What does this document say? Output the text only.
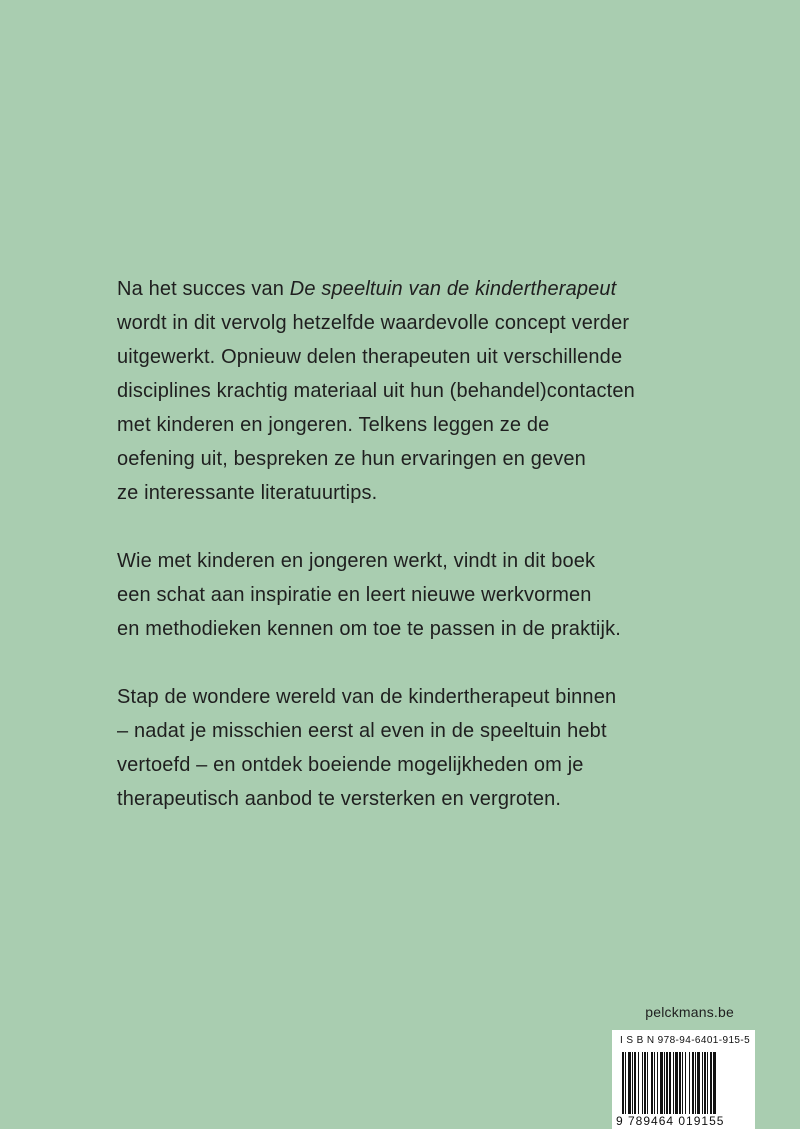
Na het succes van De speeltuin van de kindertherapeut
wordt in dit vervolg hetzelfde waardevolle concept verder
uitgewerkt. Opnieuw delen therapeuten uit verschillende
disciplines krachtig materiaal uit hun (behandel)contacten
met kinderen en jongeren. Telkens leggen ze de
oefening uit, bespreken ze hun ervaringen en geven
ze interessante literatuurtips.

Wie met kinderen en jongeren werkt, vindt in dit boek
een schat aan inspiratie en leert nieuwe werkvormen
en methodieken kennen om toe te passen in de praktijk.

Stap de wondere wereld van de kindertherapeut binnen
– nadat je misschien eerst al even in de speeltuin hebt
vertoefd – en ontdek boeiende mogelijkheden om je
therapeutisch aanbod te versterken en vergroten.

pelckmans.be
I S B N 978-94-6401-915-5
9 789464 019155
